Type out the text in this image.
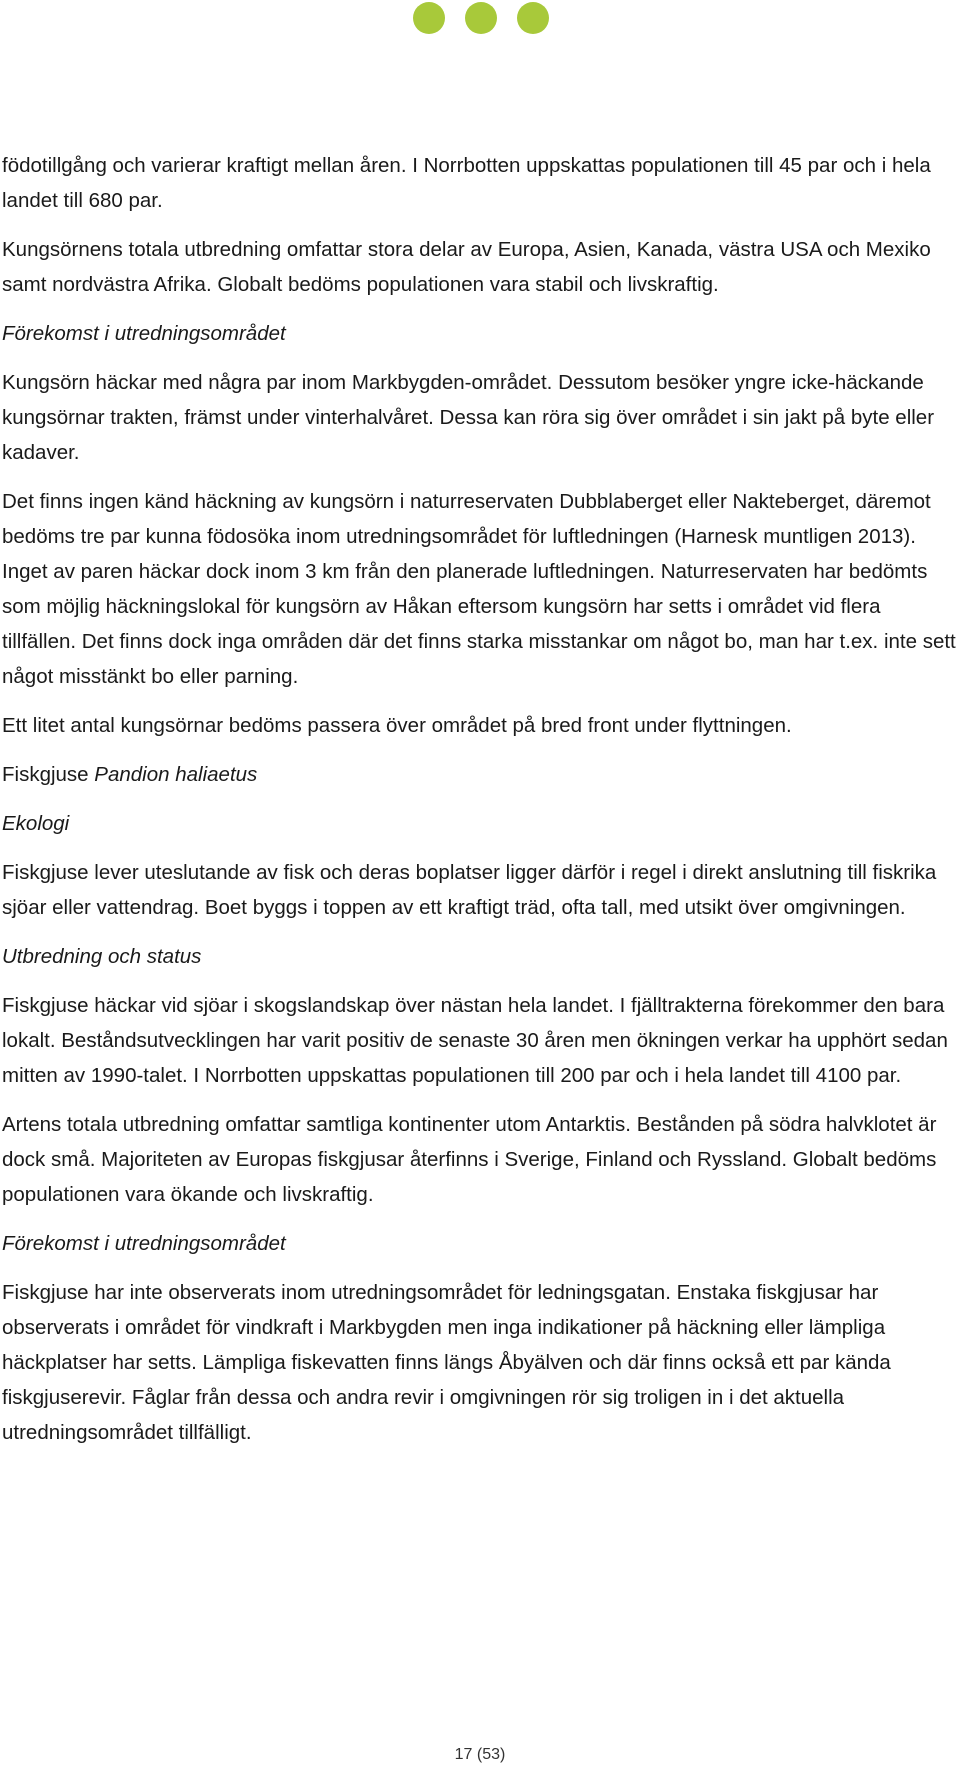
födotillgång och varierar kraftigt mellan åren. I Norrbotten uppskattas populationen till 45 par och i hela landet till 680 par.

Kungsörnens totala utbredning omfattar stora delar av Europa, Asien, Kanada, västra USA och Mexiko samt nordvästra Afrika. Globalt bedöms populationen vara stabil och livskraftig.

Förekomst i utredningsområdet

Kungsörn häckar med några par inom Markbygden-området. Dessutom besöker yngre icke-häckande kungsörnar trakten, främst under vinterhalvåret. Dessa kan röra sig över området i sin jakt på byte eller kadaver.

Det finns ingen känd häckning av kungsörn i naturreservaten Dubblaberget eller Nakteberget, däremot bedöms tre par kunna födosöka inom utredningsområdet för luftledningen (Harnesk muntligen 2013). Inget av paren häckar dock inom 3 km från den planerade luftledningen. Naturreservaten har bedömts som möjlig häckningslokal för kungsörn av Håkan eftersom kungsörn har setts i området vid flera tillfällen. Det finns dock inga områden där det finns starka misstankar om något bo, man har t.ex. inte sett något misstänkt bo eller parning.

Ett litet antal kungsörnar bedöms passera över området på bred front under flyttningen.

Fiskgjuse Pandion haliaetus
Ekologi

Fiskgjuse lever uteslutande av fisk och deras boplatser ligger därför i regel i direkt anslutning till fiskrika sjöar eller vattendrag. Boet byggs i toppen av ett kraftigt träd, ofta tall, med utsikt över omgivningen.

Utbredning och status

Fiskgjuse häckar vid sjöar i skogslandskap över nästan hela landet. I fjälltrakterna förekommer den bara lokalt. Beståndsutvecklingen har varit positiv de senaste 30 åren men ökningen verkar ha upphört sedan mitten av 1990-talet. I Norrbotten uppskattas populationen till 200 par och i hela landet till 4100 par.

Artens totala utbredning omfattar samtliga kontinenter utom Antarktis. Bestånden på södra halvklotet är dock små. Majoriteten av Europas fiskgjusar återfinns i Sverige, Finland och Ryssland. Globalt bedöms populationen vara ökande och livskraftig.

Förekomst i utredningsområdet

Fiskgjuse har inte observerats inom utredningsområdet för ledningsgatan. Enstaka fiskgjusar har observerats i området för vindkraft i Markbygden men inga indikationer på häckning eller lämpliga häckplatser har setts. Lämpliga fiskevatten finns längs Åbyälven och där finns också ett par kända fiskgjuserevir. Fåglar från dessa och andra revir i omgivningen rör sig troligen in i det aktuella utredningsområdet tillfälligt.

17 (53)
